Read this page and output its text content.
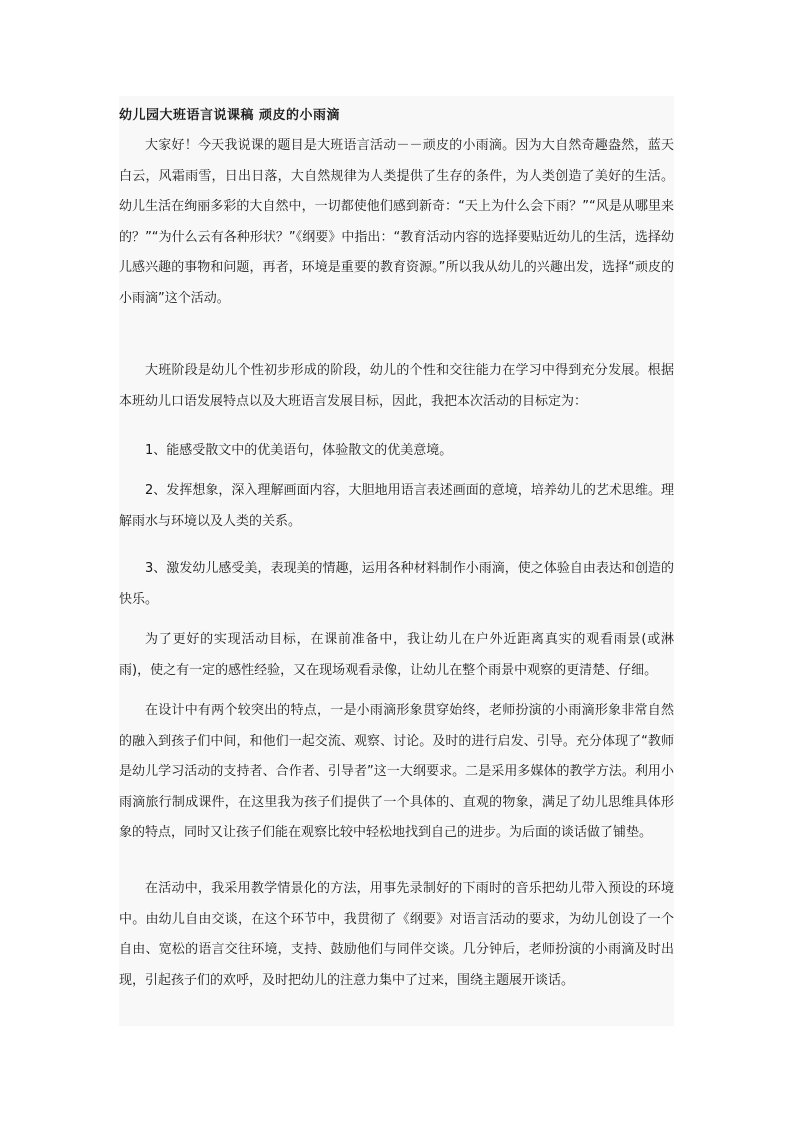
幼儿园大班语言说课稿 顽皮的小雨滴

大家好！今天我说课的题目是大班语言活动－－顽皮的小雨滴。因为大自然奇趣盎然，蓝天白云，风霜雨雪，日出日落，大自然规律为人类提供了生存的条件，为人类创造了美好的生活。幼儿生活在绚丽多彩的大自然中，一切都使他们感到新奇：“天上为什么会下雨？”“风是从哪里来的？”“为什么云有各种形状？”《纲要》中指出：“教育活动内容的选择要贴近幼儿的生活，选择幼儿感兴趣的事物和问题，再者，环境是重要的教育资源。”所以我从幼儿的兴趣出发，选择“顽皮的小雨滴”这个活动。

大班阶段是幼儿个性初步形成的阶段，幼儿的个性和交往能力在学习中得到充分发展。根据本班幼儿口语发展特点以及大班语言发展目标，因此，我把本次活动的目标定为：

1、能感受散文中的优美语句，体验散文的优美意境。

2、发挥想象，深入理解画面内容，大胆地用语言表述画面的意境，培养幼儿的艺术思维。理解雨水与环境以及人类的关系。

3、激发幼儿感受美，表现美的情趣，运用各种材料制作小雨滴，使之体验自由表达和创造的快乐。

为了更好的实现活动目标，在课前准备中，我让幼儿在户外近距离真实的观看雨景(或淋雨)，使之有一定的感性经验，又在现场观看录像，让幼儿在整个雨景中观察的更清楚、仔细。

在设计中有两个较突出的特点，一是小雨滴形象贯穿始终，老师扮演的小雨滴形象非常自然的融入到孩子们中间，和他们一起交流、观察、讨论。及时的进行启发、引导。充分体现了“教师是幼儿学习活动的支持者、合作者、引导者”这一大纲要求。二是采用多媒体的教学方法。利用小雨滴旅行制成课件，在这里我为孩子们提供了一个具体的、直观的物象，满足了幼儿思维具体形象的特点，同时又让孩子们能在观察比较中轻松地找到自己的进步。为后面的谈话做了铺垫。

在活动中，我采用教学情景化的方法，用事先录制好的下雨时的音乐把幼儿带入预设的环境中。由幼儿自由交谈，在这个环节中，我贯彻了《纲要》对语言活动的要求，为幼儿创设了一个自由、宽松的语言交往环境，支持、鼓励他们与同伴交谈。几分钟后，老师扮演的小雨滴及时出现，引起孩子们的欢呼，及时把幼儿的注意力集中了过来，围绕主题展开谈话。
